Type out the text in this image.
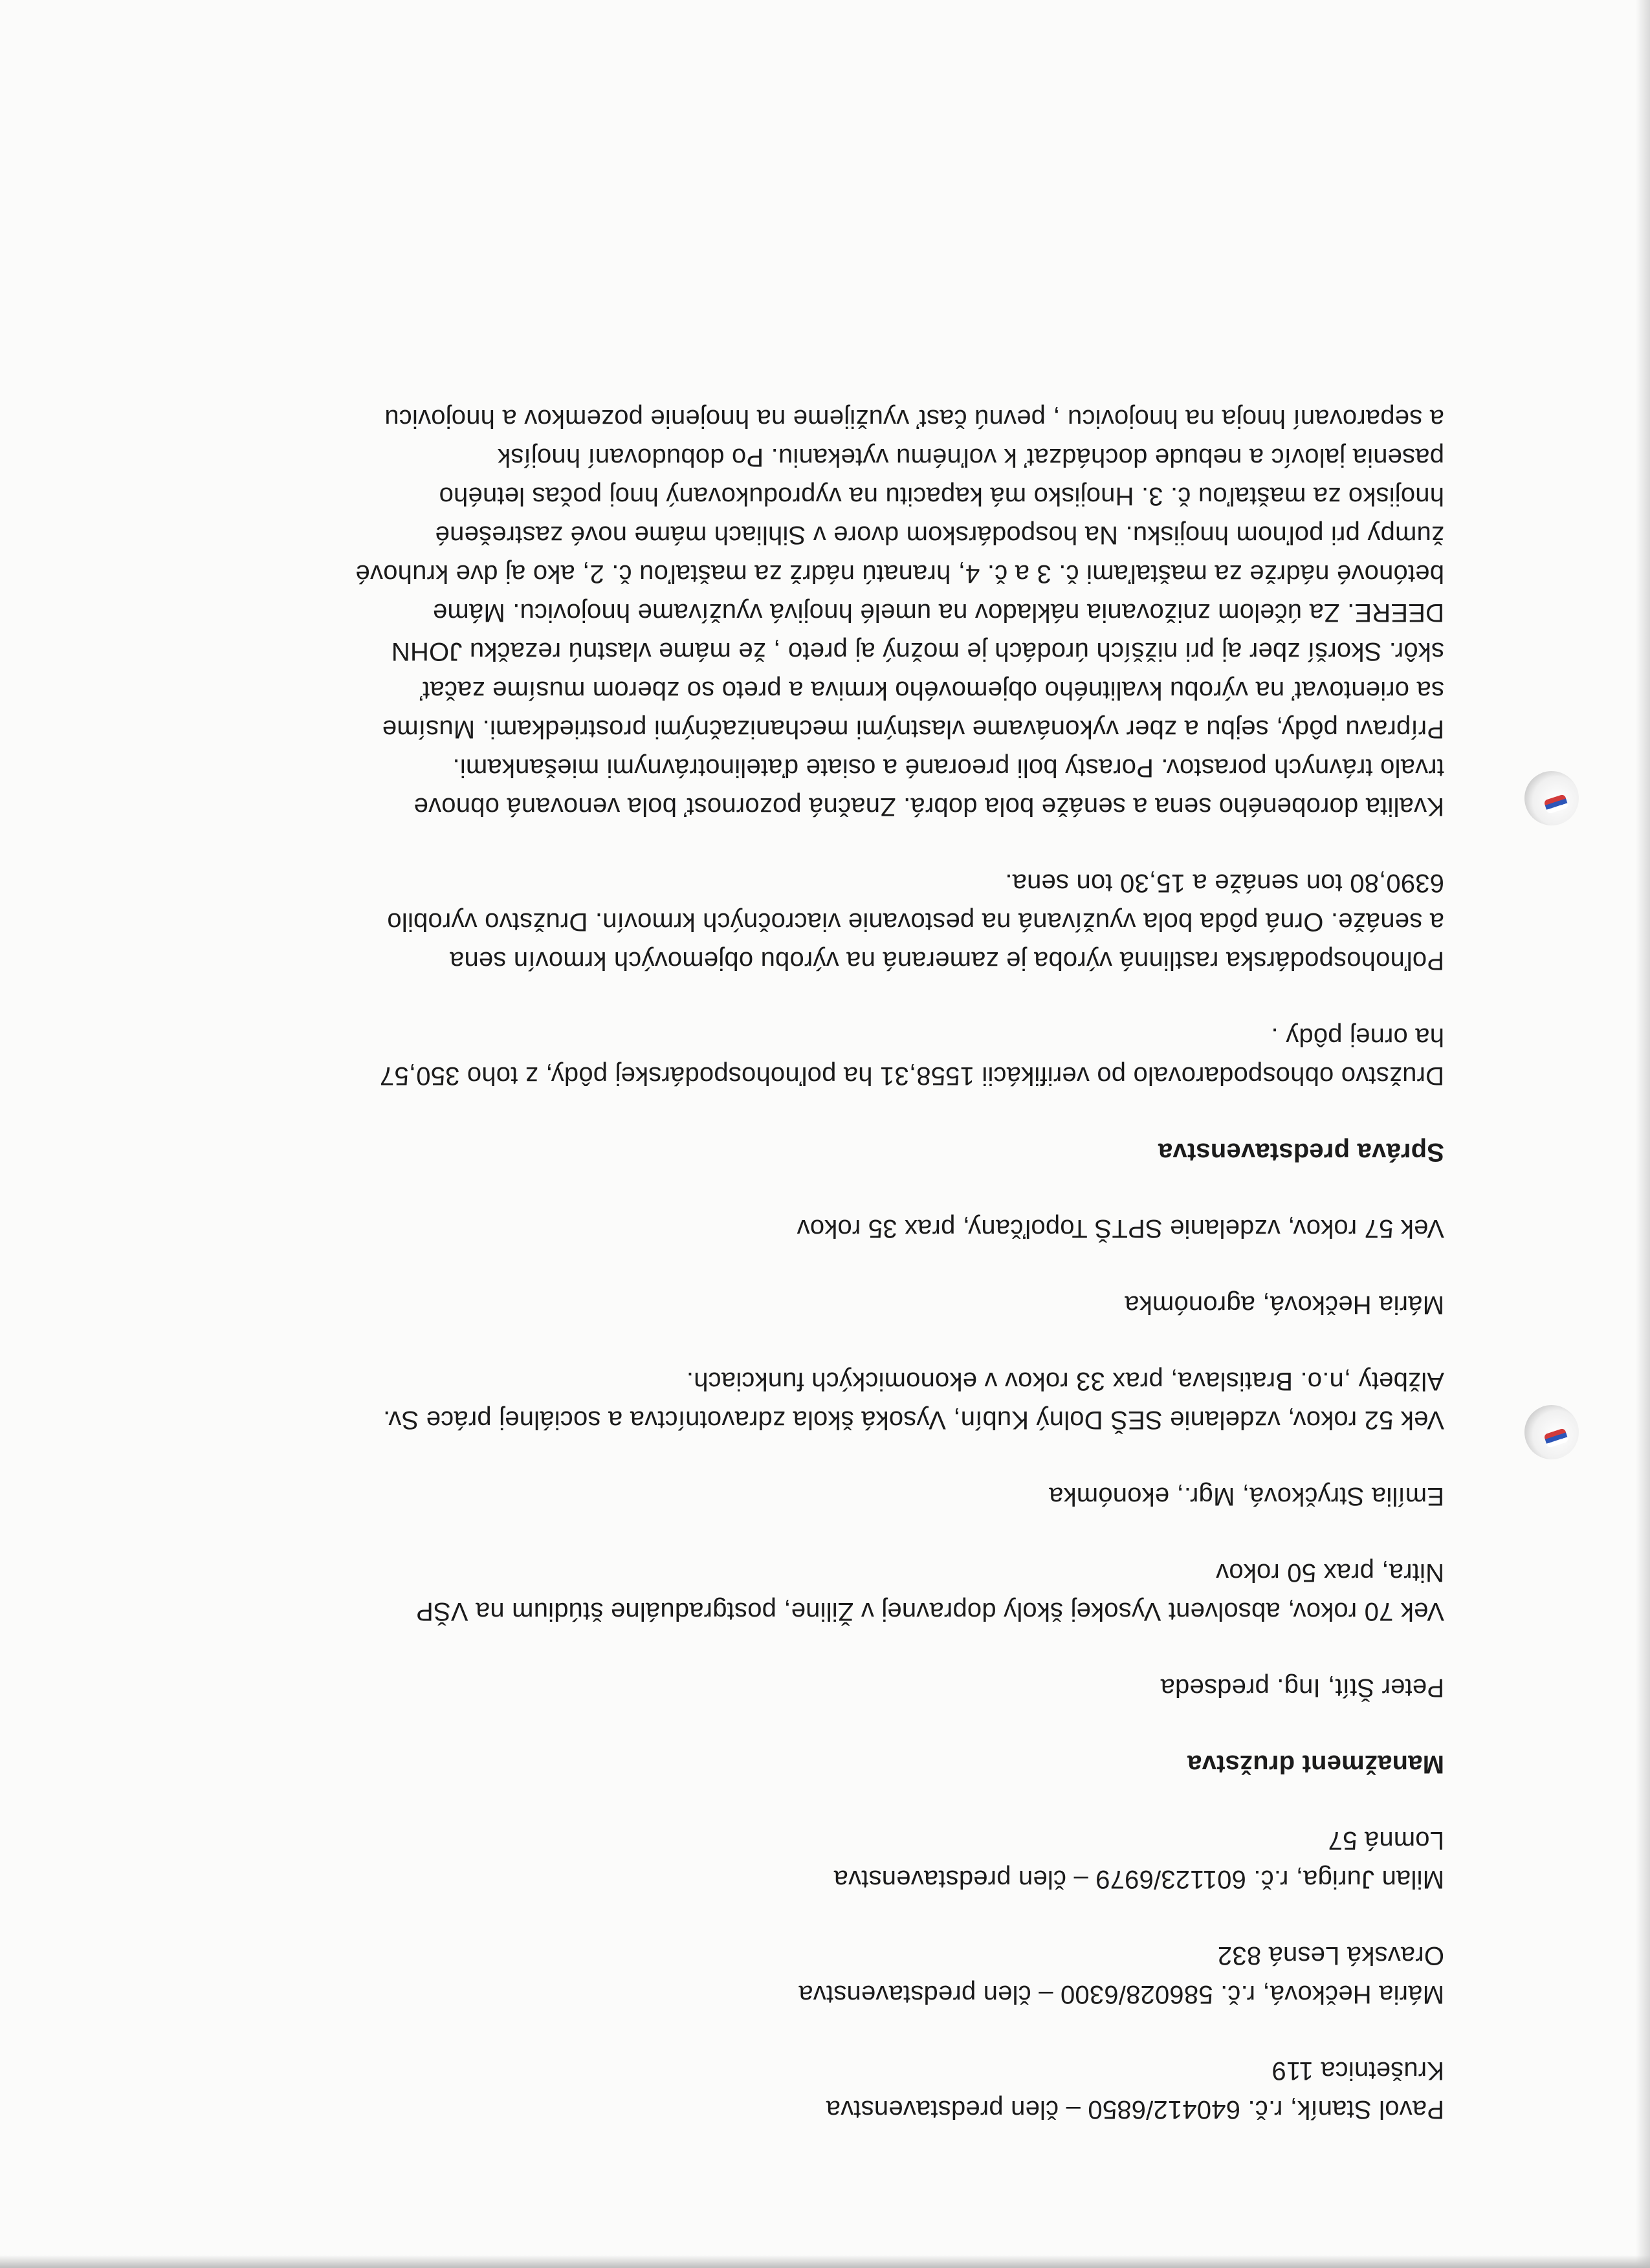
Pavol Staník, r.č. 640412/6850 – člen predstavenstva

Krušetnica 119

Mária Hečková, r.č. 586028/6300 – člen predstavenstva

Oravská Lesná 832

Milan Juriga, r.č. 601123/6979 – člen predstavenstva

Lomná 57

Manažment družstva

Peter Štít, Ing. predseda

Vek 70 rokov, absolvent Vysokej školy dopravnej v Žiline, postgraduálne štúdium na VŠP
Nitra, prax 50 rokov

Emília Stryčková, Mgr., ekonómka

Vek 52 rokov, vzdelanie SEŠ Dolný Kubín, Vysoká škola zdravotníctva a sociálnej práce Sv.
Alžbety ,n.o. Bratislava, prax 33 rokov v ekonomických funkciach.

Mária Hečková, agronómka

Vek 57 rokov, vzdelanie SPTŠ Topoľčany, prax 35 rokov

Správa predstavenstva

Družstvo obhospodarovalo po verifikácii 1558,31 ha poľnohospodárskej pôdy, z toho 350,57
ha ornej pôdy .

Poľnohospodárska rastlinná výroba je zameraná na výrobu objemových krmovín sena
a senáže. Orná pôda bola využívaná na pestovanie viacročných krmovín. Družstvo vyrobilo
6390,80 ton senáže a 15,30 ton sena.

Kvalita dorobeného sena a senáže bola dobrá. Značná pozornosť bola venovaná obnove
trvalo trávnych porastov. Porasty boli preorané a osiate ďatelinotrávnymi miešankami.
Prípravu pôdy, sejbu a zber vykonávame vlastnými mechanizačnými prostriedkami. Musíme
sa orientovať na výrobu kvalitného objemového krmiva a preto so zberom musíme začať
skôr. Skorší zber aj pri nižších úrodách je možný aj preto , že máme vlastnú rezačku JOHN
DEERE. Za účelom znižovania nákladov na umelé hnojivá využívame hnojovicu. Máme
betónové nádrže za maštaľami č. 3 a č. 4, hranatú nádrž za maštaľou č. 2, ako aj dve kruhové
žumpy pri poľnom hnojisku. Na hospodárskom dvore v Sihliach máme nové zastrešené
hnojisko za maštaľou č. 3. Hnojisko má kapacitu na vyprodukovaný hnoj počas letného
pasenia jalovíc a nebude dochádzať k voľnému vytekaniu. Po dobudovaní hnojísk
a separovaní hnoja na hnojovicu , pevnú časť využijeme na hnojenie pozemkov a hnojovicu
